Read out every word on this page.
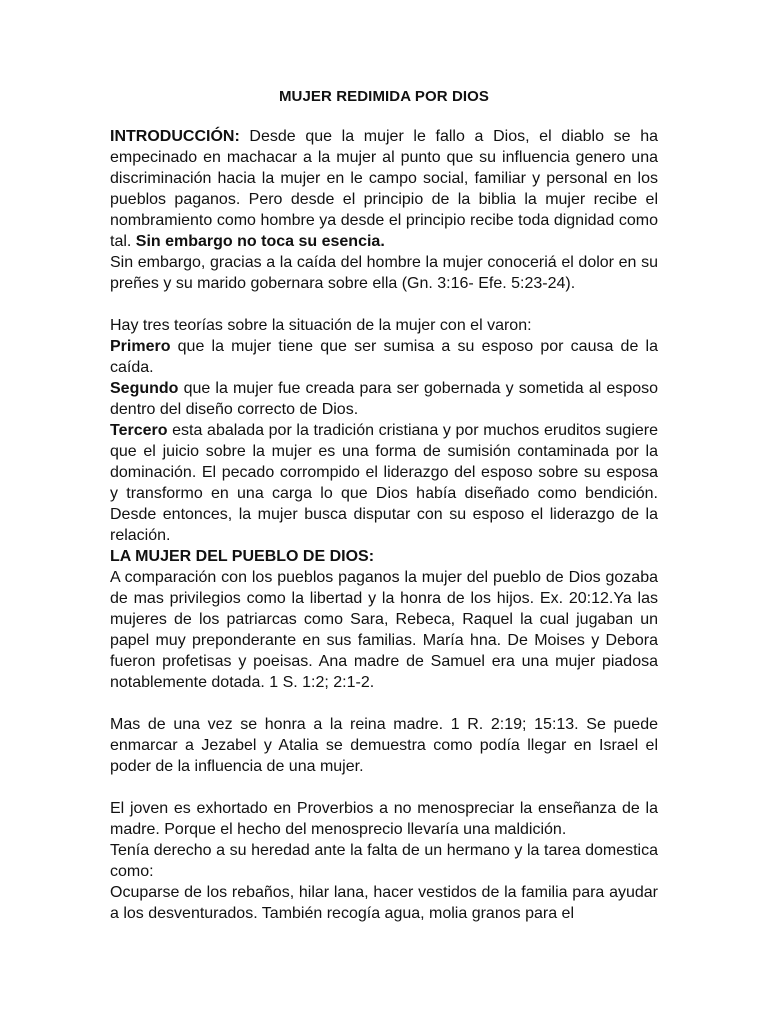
MUJER REDIMIDA POR DIOS

INTRODUCCIÓN: Desde que la mujer le fallo a Dios, el diablo se ha empecinado en machacar a la mujer al punto que su influencia genero una discriminación hacia la mujer en le campo social, familiar y personal en los pueblos paganos. Pero desde el principio de la biblia la mujer recibe el nombramiento como hombre ya desde el principio recibe toda dignidad como tal. Sin embargo no toca su esencia.

Sin embargo, gracias a la caída del hombre la mujer conoceriá el dolor en su preñes y su marido gobernara sobre ella (Gn. 3:16- Efe. 5:23-24).

Hay tres teorías sobre la situación de la mujer con el varon:

Primero que la mujer tiene que ser sumisa a su esposo por causa de la caída.

Segundo que la mujer fue creada para ser gobernada y sometida al esposo dentro del diseño correcto de Dios.

Tercero esta abalada por la tradición cristiana y por muchos eruditos sugiere que el juicio sobre la mujer es una forma de sumisión contaminada por la dominación. El pecado corrompido el liderazgo del esposo sobre su esposa y transformo en una carga lo que Dios había diseñado como bendición. Desde entonces, la mujer busca disputar con su esposo el liderazgo de la relación.

LA MUJER DEL PUEBLO DE DIOS:

A comparación con los pueblos paganos la mujer del pueblo de Dios gozaba de mas privilegios como la libertad y la honra de los hijos. Ex. 20:12.Ya las mujeres de los patriarcas como Sara, Rebeca, Raquel la cual jugaban un papel muy preponderante en sus familias. María hna. De Moises y Debora fueron profetisas y poeisas. Ana madre de Samuel era una mujer piadosa notablemente dotada. 1 S. 1:2; 2:1-2.

Mas de una vez se honra a la reina madre. 1 R. 2:19; 15:13. Se puede enmarcar a Jezabel y Atalia se demuestra como podía llegar en Israel el poder de la influencia de una mujer.

El joven es exhortado en Proverbios a no menospreciar la enseñanza de la madre. Porque el hecho del menosprecio llevaría una maldición.

Tenía derecho a su heredad ante la falta de un hermano y la tarea domestica como:

Ocuparse de los rebaños, hilar lana, hacer vestidos de la familia para ayudar a los desventurados. También recogía agua, molia granos para el
